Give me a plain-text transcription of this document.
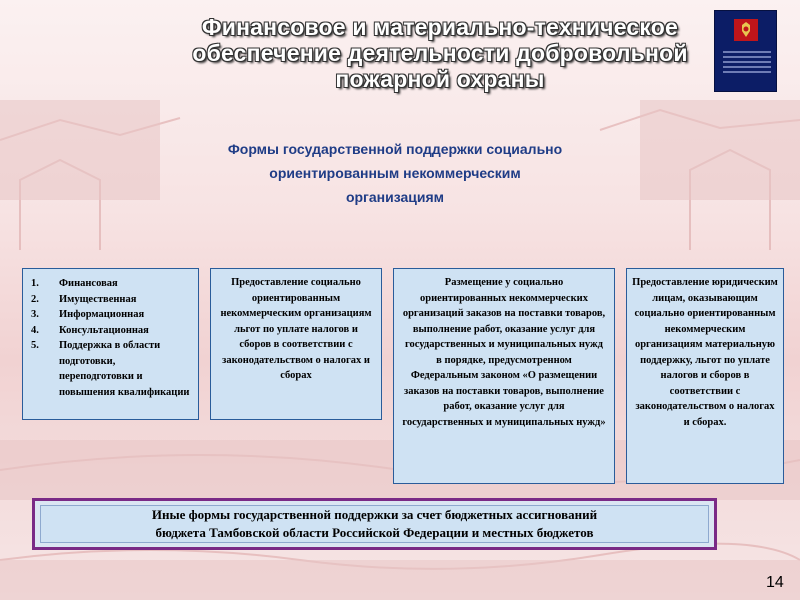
Финансовое и материально-техническое
обеспечение деятельности добровольной
пожарной охраны
Формы государственной поддержки социально
ориентированным некоммерческим
организациям
1.	Финансовая
2.	Имущественная
3.	Информационная
4.	Консультационная
5.	Поддержка в области подготовки, переподготовки и повышения квалификации

Предоставление социально ориентированным некоммерческим организациям льгот по уплате налогов и сборов в соответствии с законодательством о налогах и сборах

Размещение у социально ориентированных некоммерческих организаций заказов на поставки товаров, выполнение работ, оказание услуг для государственных и муниципальных нужд в порядке, предусмотренном Федеральным законом «О размещении заказов на поставки товаров, выполнение работ, оказание услуг для государственных и муниципальных нужд»

Предоставление юридическим лицам, оказывающим социально ориентированным некоммерческим организациям материальную поддержку, льгот по уплате налогов и сборов в соответствии с законодательством о налогах и сборах.

Иные формы государственной поддержки за счет бюджетных ассигнований
бюджета Тамбовской области Российской Федерации и местных бюджетов
14
